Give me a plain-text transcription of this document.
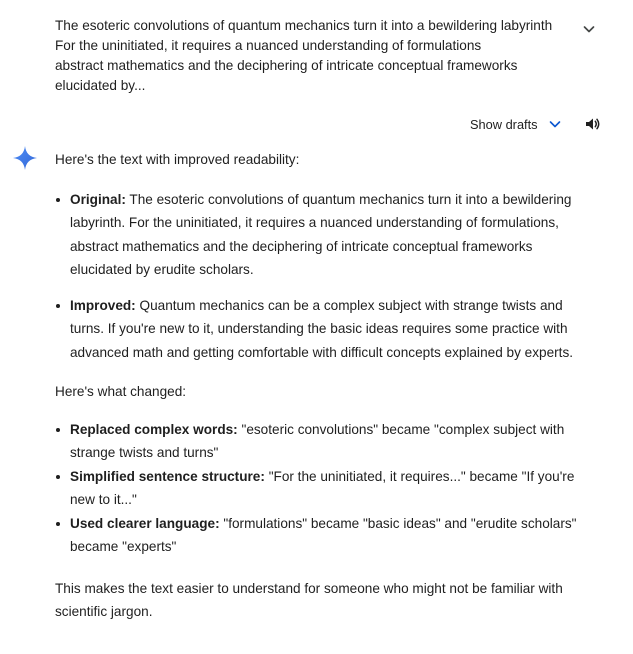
The esoteric convolutions of quantum mechanics turn it into a bewildering labyrinth
For the uninitiated, it requires a nuanced understanding of formulations
abstract mathematics and the deciphering of intricate conceptual frameworks
elucidated by...
Show drafts

Here's the text with improved readability:

Original: The esoteric convolutions of quantum mechanics turn it into a bewildering labyrinth. For the uninitiated, it requires a nuanced understanding of formulations, abstract mathematics and the deciphering of intricate conceptual frameworks elucidated by erudite scholars.
Improved: Quantum mechanics can be a complex subject with strange twists and turns. If you're new to it, understanding the basic ideas requires some practice with advanced math and getting comfortable with difficult concepts explained by experts.

Here's what changed:

Replaced complex words: "esoteric convolutions" became "complex subject with strange twists and turns"
Simplified sentence structure: "For the uninitiated, it requires..." became "If you're new to it..."
Used clearer language: "formulations" became "basic ideas" and "erudite scholars" became "experts"

This makes the text easier to understand for someone who might not be familiar with scientific jargon.
